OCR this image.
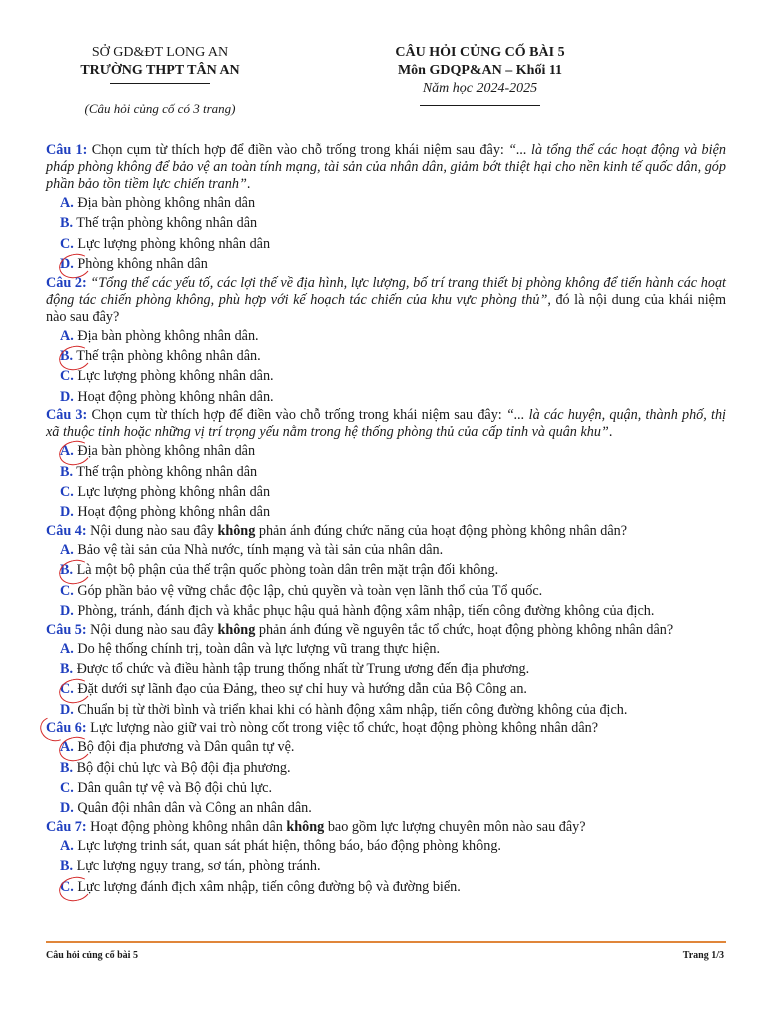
SỞ GD&ĐT LONG AN
TRƯỜNG THPT TÂN AN
(Câu hỏi củng cố có 3 trang)
CÂU HỎI CỦNG CỐ BÀI 5
Môn GDQP&AN – Khối 11
Năm học 2024-2025

Câu 1: Chọn cụm từ thích hợp để điền vào chỗ trống trong khái niệm sau đây: “... là tổng thể các hoạt động và biện pháp phòng không để bảo vệ an toàn tính mạng, tài sản của nhân dân, giảm bớt thiệt hại cho nền kinh tế quốc dân, góp phần bảo tồn tiềm lực chiến tranh”.

A. Địa bàn phòng không nhân dân
B. Thế trận phòng không nhân dân
C. Lực lượng phòng không nhân dân
D.
Phòng không nhân dân

Câu 2: “Tổng thể các yếu tố, các lợi thế về địa hình, lực lượng, bố trí trang thiết bị phòng không để tiến hành các hoạt động tác chiến phòng không, phù hợp với kế hoạch tác chiến của khu vực phòng thủ”, đó là nội dung của khái niệm nào sau đây?

A. Địa bàn phòng không nhân dân.
B.
Thế trận phòng không nhân dân.
C. Lực lượng phòng không nhân dân.
D. Hoạt động phòng không nhân dân.

Câu 3: Chọn cụm từ thích hợp để điền vào chỗ trống trong khái niệm sau đây: “... là các huyện, quận, thành phố, thị xã thuộc tỉnh hoặc những vị trí trọng yếu nằm trong hệ thống phòng thủ của cấp tỉnh và quân khu”.

A.
Địa bàn phòng không nhân dân
B. Thế trận phòng không nhân dân
C. Lực lượng phòng không nhân dân
D. Hoạt động phòng không nhân dân

Câu 4: Nội dung nào sau đây không phản ánh đúng chức năng của hoạt động phòng không nhân dân?

A. Bảo vệ tài sản của Nhà nước, tính mạng và tài sản của nhân dân.
B.
Là một bộ phận của thế trận quốc phòng toàn dân trên mặt trận đối không.
C. Góp phần bảo vệ vững chắc độc lập, chủ quyền và toàn vẹn lãnh thổ của Tổ quốc.
D. Phòng, tránh, đánh địch và khắc phục hậu quả hành động xâm nhập, tiến công đường không của địch.

Câu 5: Nội dung nào sau đây không phản ánh đúng về nguyên tắc tổ chức, hoạt động phòng không nhân dân?

A. Do hệ thống chính trị, toàn dân và lực lượng vũ trang thực hiện.
B. Được tổ chức và điều hành tập trung thống nhất từ Trung ương đến địa phương.
C.
Đặt dưới sự lãnh đạo của Đảng, theo sự chỉ huy và hướng dẫn của Bộ Công an.
D. Chuẩn bị từ thời bình và triển khai khi có hành động xâm nhập, tiến công đường không của địch.

Câu 6:
Lực lượng nào giữ vai trò nòng cốt trong việc tổ chức, hoạt động phòng không nhân dân?

A.
Bộ đội địa phương và Dân quân tự vệ.
B. Bộ đội chủ lực và Bộ đội địa phương.
C. Dân quân tự vệ và Bộ đội chủ lực.
D. Quân đội nhân dân và Công an nhân dân.

Câu 7: Hoạt động phòng không nhân dân không bao gồm lực lượng chuyên môn nào sau đây?

A. Lực lượng trinh sát, quan sát phát hiện, thông báo, báo động phòng không.
B. Lực lượng ngụy trang, sơ tán, phòng tránh.
C.
Lực lượng đánh địch xâm nhập, tiến công đường bộ và đường biển.
Câu hỏi củng cố bài 5	Trang 1/3
